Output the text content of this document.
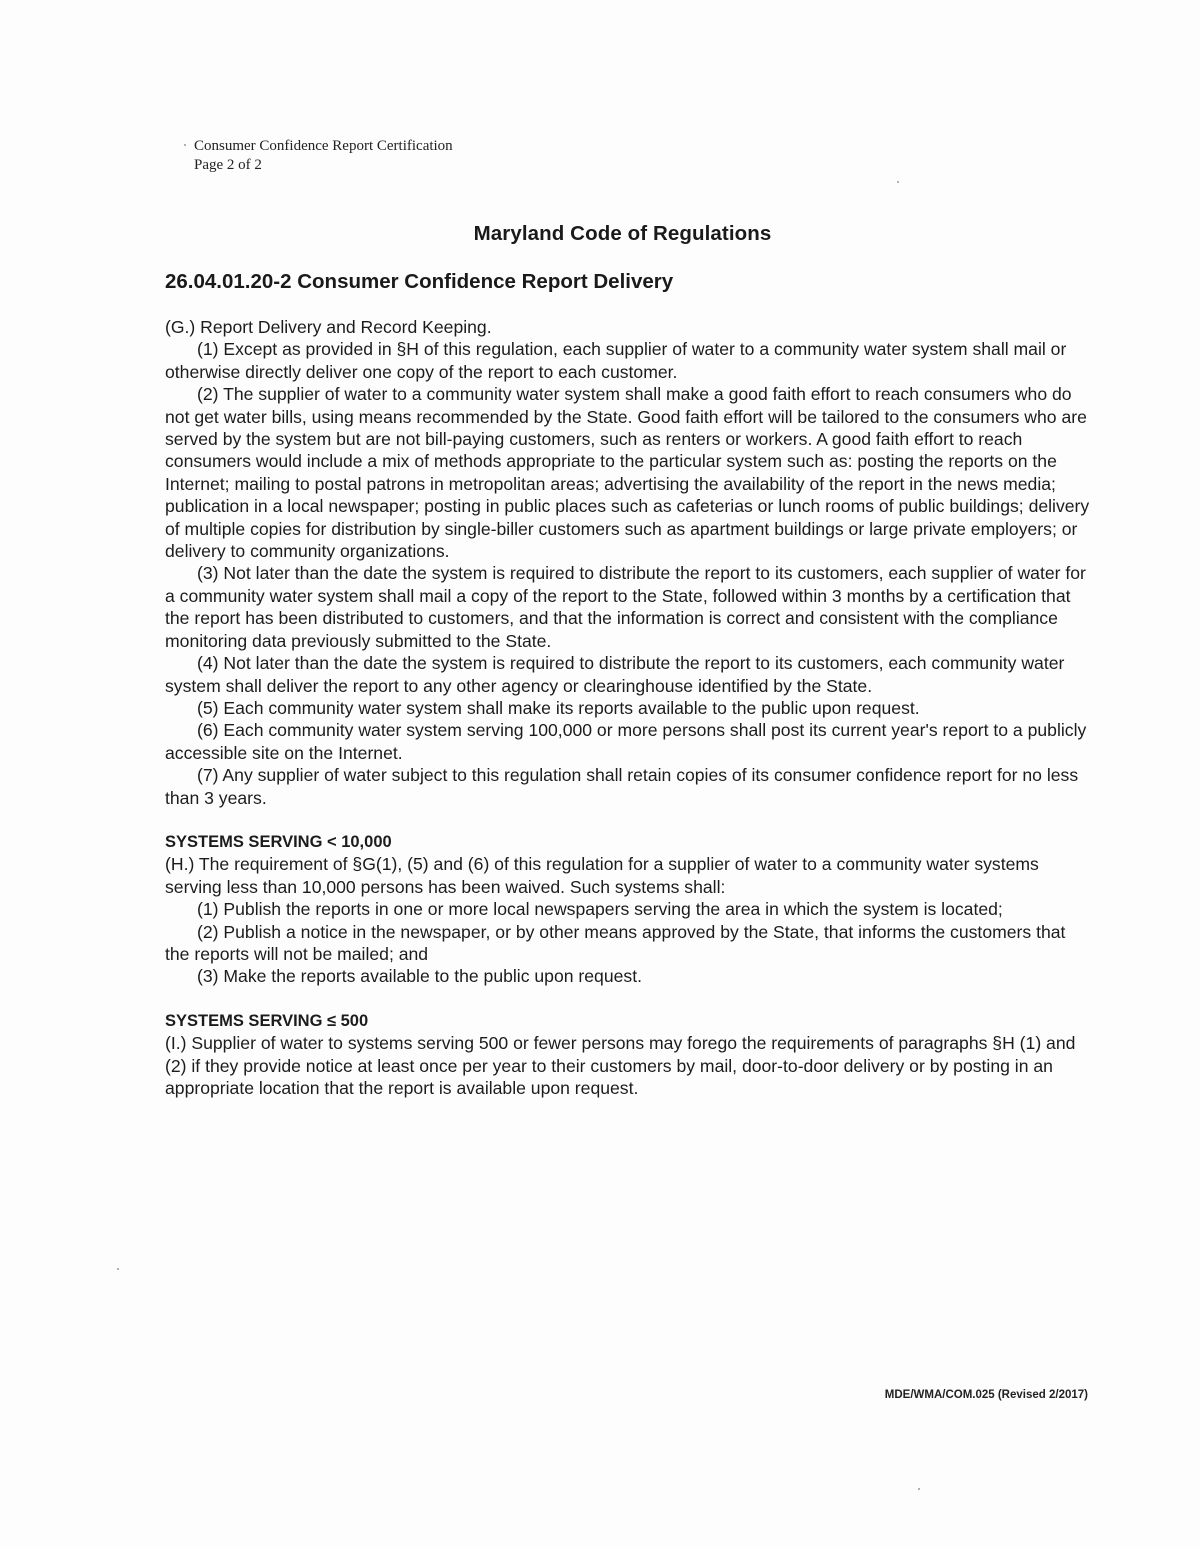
Consumer Confidence Report Certification
Page 2 of 2
Maryland Code of Regulations
26.04.01.20-2 Consumer Confidence Report Delivery

(G.) Report Delivery and Record Keeping.

(1) Except as provided in §H of this regulation, each supplier of water to a community water system shall mail or otherwise directly deliver one copy of the report to each customer.

(2) The supplier of water to a community water system shall make a good faith effort to reach consumers who do not get water bills, using means recommended by the State. Good faith effort will be tailored to the consumers who are served by the system but are not bill-paying customers, such as renters or workers. A good faith effort to reach consumers would include a mix of methods appropriate to the particular system such as: posting the reports on the Internet; mailing to postal patrons in metropolitan areas; advertising the availability of the report in the news media; publication in a local newspaper; posting in public places such as cafeterias or lunch rooms of public buildings; delivery of multiple copies for distribution by single-biller customers such as apartment buildings or large private employers; or delivery to community organizations.

(3) Not later than the date the system is required to distribute the report to its customers, each supplier of water for a community water system shall mail a copy of the report to the State, followed within 3 months by a certification that the report has been distributed to customers, and that the information is correct and consistent with the compliance monitoring data previously submitted to the State.

(4) Not later than the date the system is required to distribute the report to its customers, each community water system shall deliver the report to any other agency or clearinghouse identified by the State.

(5) Each community water system shall make its reports available to the public upon request.

(6) Each community water system serving 100,000 or more persons shall post its current year's report to a publicly accessible site on the Internet.

(7) Any supplier of water subject to this regulation shall retain copies of its consumer confidence report for no less than 3 years.

SYSTEMS SERVING < 10,000

(H.) The requirement of §G(1), (5) and (6) of this regulation for a supplier of water to a community water systems serving less than 10,000 persons has been waived. Such systems shall:

(1) Publish the reports in one or more local newspapers serving the area in which the system is located;

(2) Publish a notice in the newspaper, or by other means approved by the State, that informs the customers that the reports will not be mailed; and

(3) Make the reports available to the public upon request.

SYSTEMS SERVING ≤ 500

(I.) Supplier of water to systems serving 500 or fewer persons may forego the requirements of paragraphs §H (1) and (2) if they provide notice at least once per year to their customers by mail, door-to-door delivery or by posting in an appropriate location that the report is available upon request.

MDE/WMA/COM.025 (Revised 2/2017)
